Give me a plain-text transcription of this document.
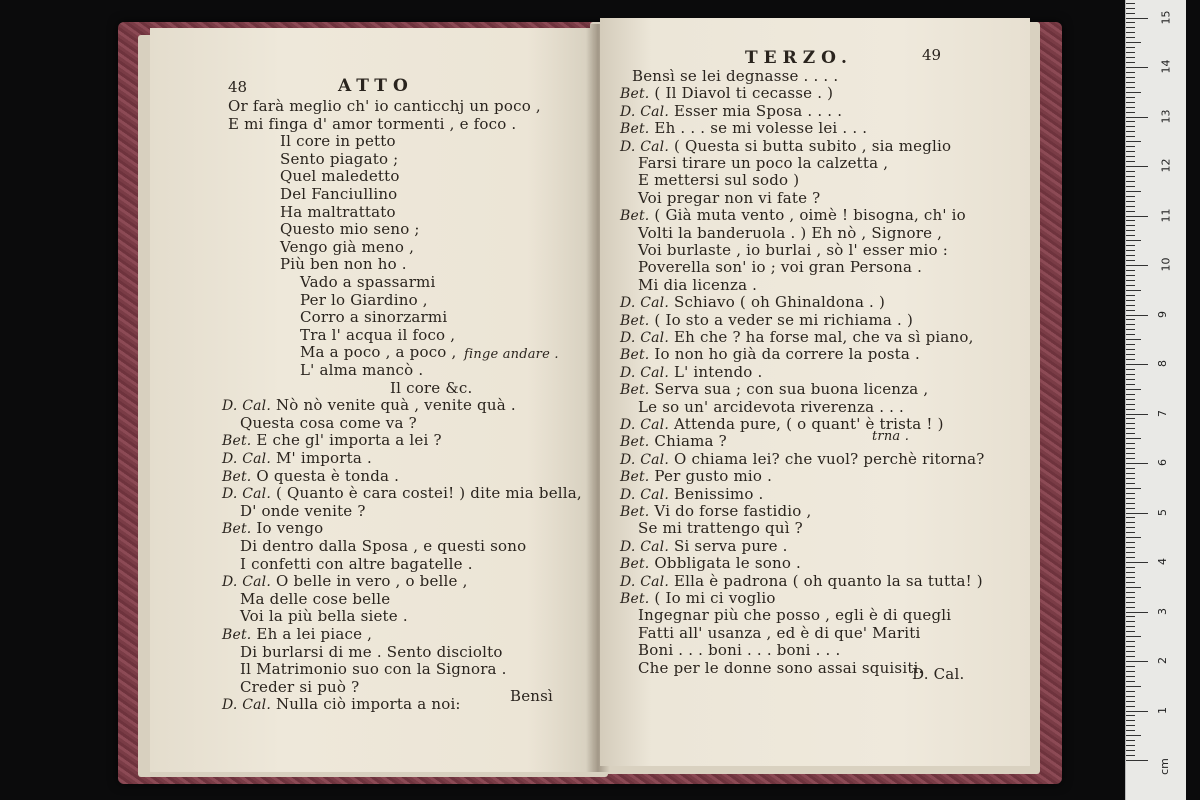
48	ATTO
Or farà meglio ch' io canticchj un poco ,
E mi finga d' amor tormenti , e foco .
Il core in petto
Sento piagato ;
Quel maledetto
Del Fanciullino
Ha maltrattato
Questo mio seno ;
Vengo già meno ,
Più ben non ho .
Vado a spassarmi
Per lo Giardino ,
Corro a sinorzarmi
Tra l' acqua il foco ,
Ma a poco , a poco ,
L' alma mancò .
Il core &c.
D. Cal. Nò nò venite quà , venite quà .
Questa cosa come va ?
Bet. E che gl' importa a lei ?
D. Cal. M' importa .
Bet. O questa è tonda .
D. Cal. ( Quanto è cara costei! ) dite mia bella,
D' onde venite ?
Bet. Io vengo
Di dentro dalla Sposa , e questi sono
I confetti con altre bagatelle .
D. Cal. O belle in vero , o belle ,
Ma delle cose belle
Voi la più bella siete .
Bet. Eh a lei piace ,
Di burlarsi di me . Sento disciolto
Il Matrimonio suo con la Signora .
Creder si può ?
D. Cal. Nulla ciò importa a noi:
finge andare .
Bensì
TERZO.	49
Bensì se lei degnasse . . . .
Bet. ( Il Diavol ti cecasse . )
D. Cal. Esser mia Sposa . . . .
Bet. Eh . . . se mi volesse lei . . .
D. Cal. ( Questa si butta subito , sia meglio
Farsi tirare un poco la calzetta ,
E mettersi sul sodo )
Voi pregar non vi fate ?
Bet. ( Già muta vento , oimè ! bisogna, ch' io
Volti la banderuola . ) Eh nò , Signore ,
Voi burlaste , io burlai , sò l' esser mio :
Poverella son' io ; voi gran Persona .
Mi dia licenza .
D. Cal. Schiavo ( oh Ghinaldona . )
Bet. ( Io sto a veder se mi richiama . )
D. Cal. Eh che ? ha forse mal, che va sì piano,
Bet. Io non ho già da correre la posta .
D. Cal. L' intendo .
Bet. Serva sua ; con sua buona licenza ,
Le so un' arcidevota riverenza . . .
D. Cal. Attenda pure, ( o quant' è trista ! )
Bet. Chiama ?
D. Cal. O chiama lei? che vuol? perchè ritorna?
Bet. Per gusto mio .
D. Cal. Benissimo .
Bet. Vi do forse fastidio ,
Se mi trattengo quì ?
D. Cal. Si serva pure .
Bet. Obbligata le sono .
D. Cal. Ella è padrona ( oh quanto la sa tutta! )
Bet. ( Io mi ci voglio
Ingegnar più che posso , egli è di quegli
Fatti all' usanza , ed è di que' Mariti
Boni . . . boni . . . boni . . .
Che per le donne sono assai squisiti.
trna .
D. Cal.
cm
1
2
3
4
5
6
7
8
9
10
11
12
13
14
15
